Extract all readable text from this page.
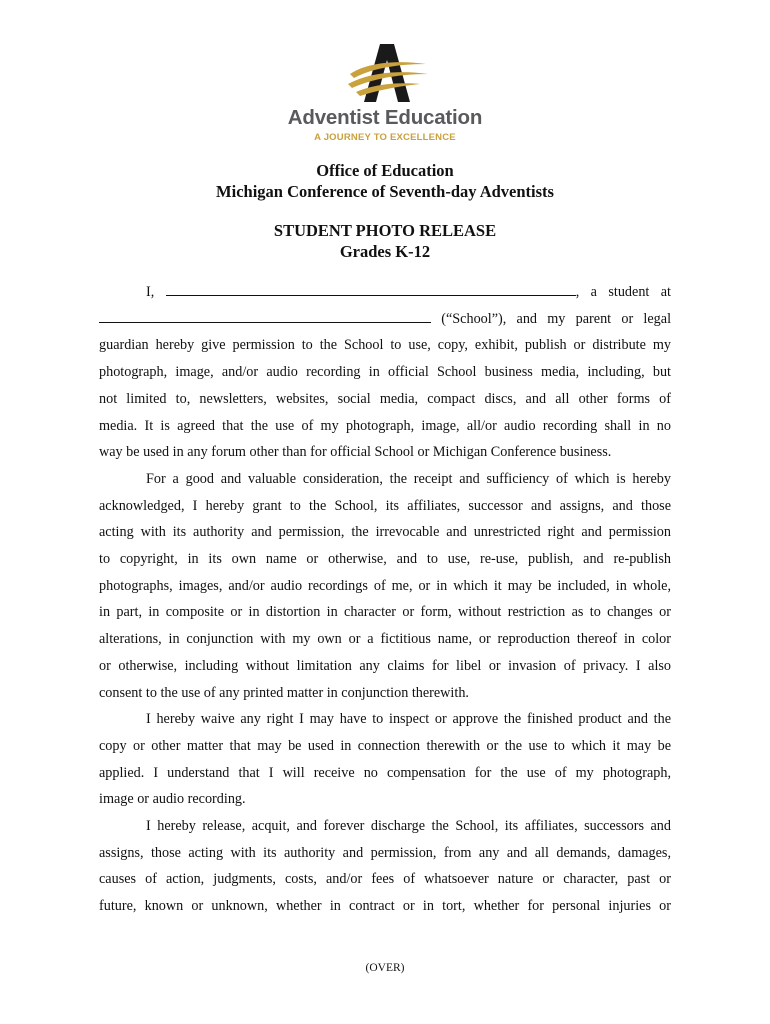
Adventist Education
A JOURNEY TO EXCELLENCE
Office of Education
Michigan Conference of Seventh-day Adventists
STUDENT PHOTO RELEASE
Grades K-12

I,	, a student at
(“School”), and my parent or legal
guardian hereby give permission to the School to use, copy, exhibit, publish or distribute my
photograph, image, and/or audio recording in official School business media, including, but
not limited to, newsletters, websites, social media, compact discs, and all other forms of
media. It is agreed that the use of my photograph, image, all/or audio recording shall in no
way be used in any forum other than for official School or Michigan Conference business.

For a good and valuable consideration, the receipt and sufficiency of which is hereby
acknowledged, I hereby grant to the School, its affiliates, successor and assigns, and those
acting with its authority and permission, the irrevocable and unrestricted right and permission
to copyright, in its own name or otherwise, and to use, re-use, publish, and re-publish
photographs, images, and/or audio recordings of me, or in which it may be included, in whole,
in part, in composite or in distortion in character or form, without restriction as to changes or
alterations, in conjunction with my own or a fictitious name, or reproduction thereof in color
or otherwise, including without limitation any claims for libel or invasion of privacy. I also
consent to the use of any printed matter in conjunction therewith.

I hereby waive any right I may have to inspect or approve the finished product and the
copy or other matter that may be used in connection therewith or the use to which it may be
applied. I understand that I will receive no compensation for the use of my photograph,
image or audio recording.

I hereby release, acquit, and forever discharge the School, its affiliates, successors and
assigns, those acting with its authority and permission, from any and all demands, damages,
causes of action, judgments, costs, and/or fees of whatsoever nature or character, past or
future, known or unknown, whether in contract or in tort, whether for personal injuries or

(OVER)
